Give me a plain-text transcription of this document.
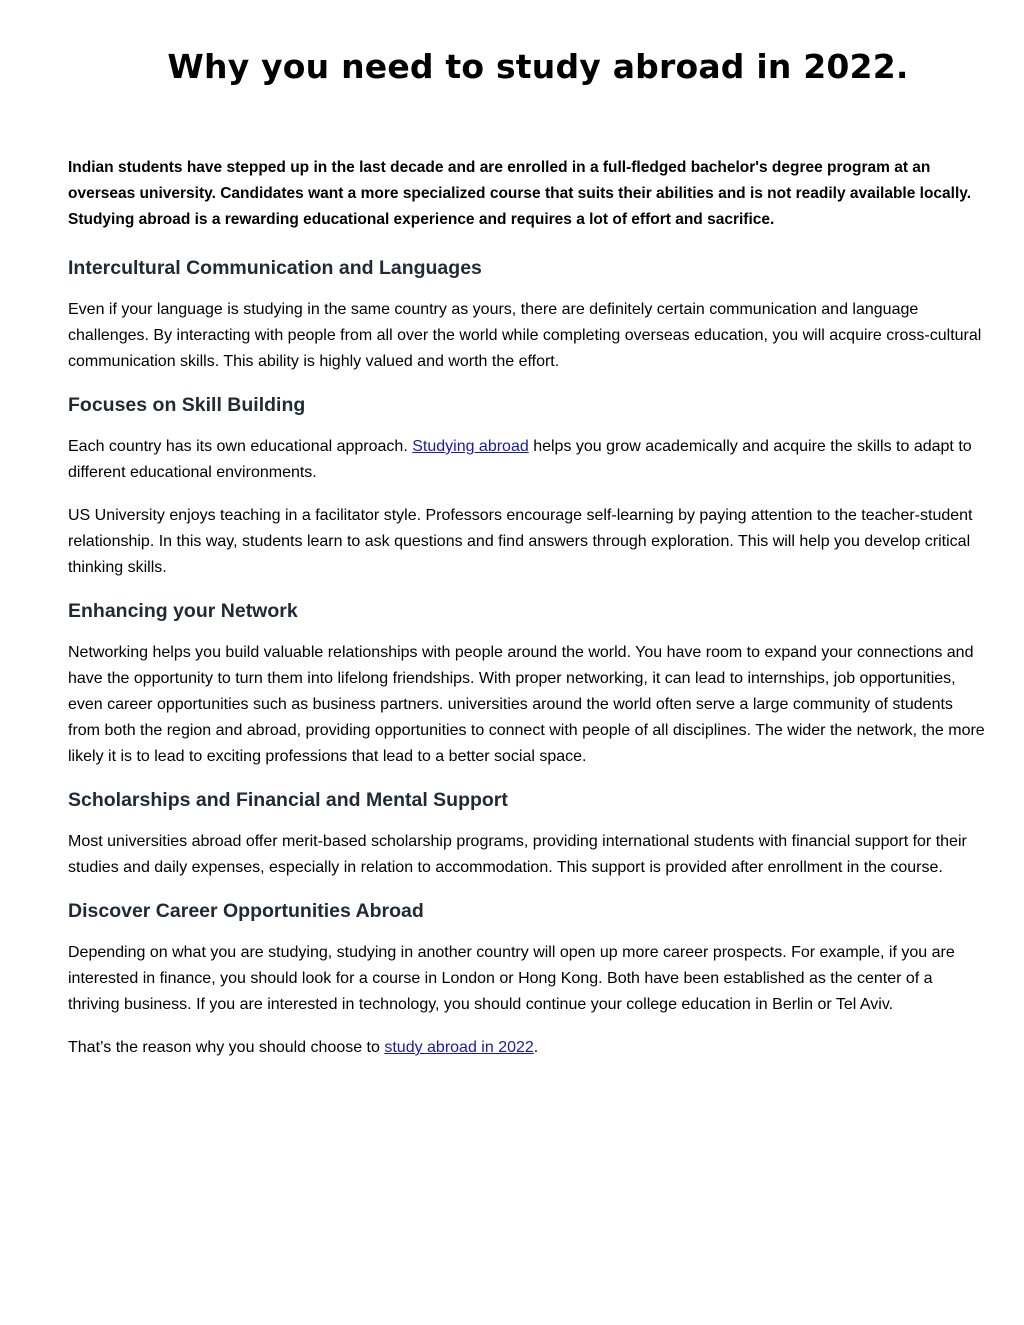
Why you need to study abroad in 2022.

Indian students have stepped up in the last decade and are enrolled in a full-fledged bachelor's degree program at an overseas university. Candidates want a more specialized course that suits their abilities and is not readily available locally. Studying abroad is a rewarding educational experience and requires a lot of effort and sacrifice.

Intercultural Communication and Languages

Even if your language is studying in the same country as yours, there are definitely certain communication and language challenges. By interacting with people from all over the world while completing overseas education, you will acquire cross-cultural communication skills. This ability is highly valued and worth the effort.

Focuses on Skill Building

Each country has its own educational approach. Studying abroad helps you grow academically and acquire the skills to adapt to different educational environments.

US University enjoys teaching in a facilitator style. Professors encourage self-learning by paying attention to the teacher-student relationship. In this way, students learn to ask questions and find answers through exploration. This will help you develop critical thinking skills.

Enhancing your Network

Networking helps you build valuable relationships with people around the world. You have room to expand your connections and have the opportunity to turn them into lifelong friendships. With proper networking, it can lead to internships, job opportunities, even career opportunities such as business partners. universities around the world often serve a large community of students from both the region and abroad, providing opportunities to connect with people of all disciplines. The wider the network, the more likely it is to lead to exciting professions that lead to a better social space.

Scholarships and Financial and Mental Support

Most universities abroad offer merit-based scholarship programs, providing international students with financial support for their studies and daily expenses, especially in relation to accommodation. This support is provided after enrollment in the course.

Discover Career Opportunities Abroad

Depending on what you are studying, studying in another country will open up more career prospects. For example, if you are interested in finance, you should look for a course in London or Hong Kong. Both have been established as the center of a thriving business. If you are interested in technology, you should continue your college education in Berlin or Tel Aviv.

That’s the reason why you should choose to study abroad in 2022.
